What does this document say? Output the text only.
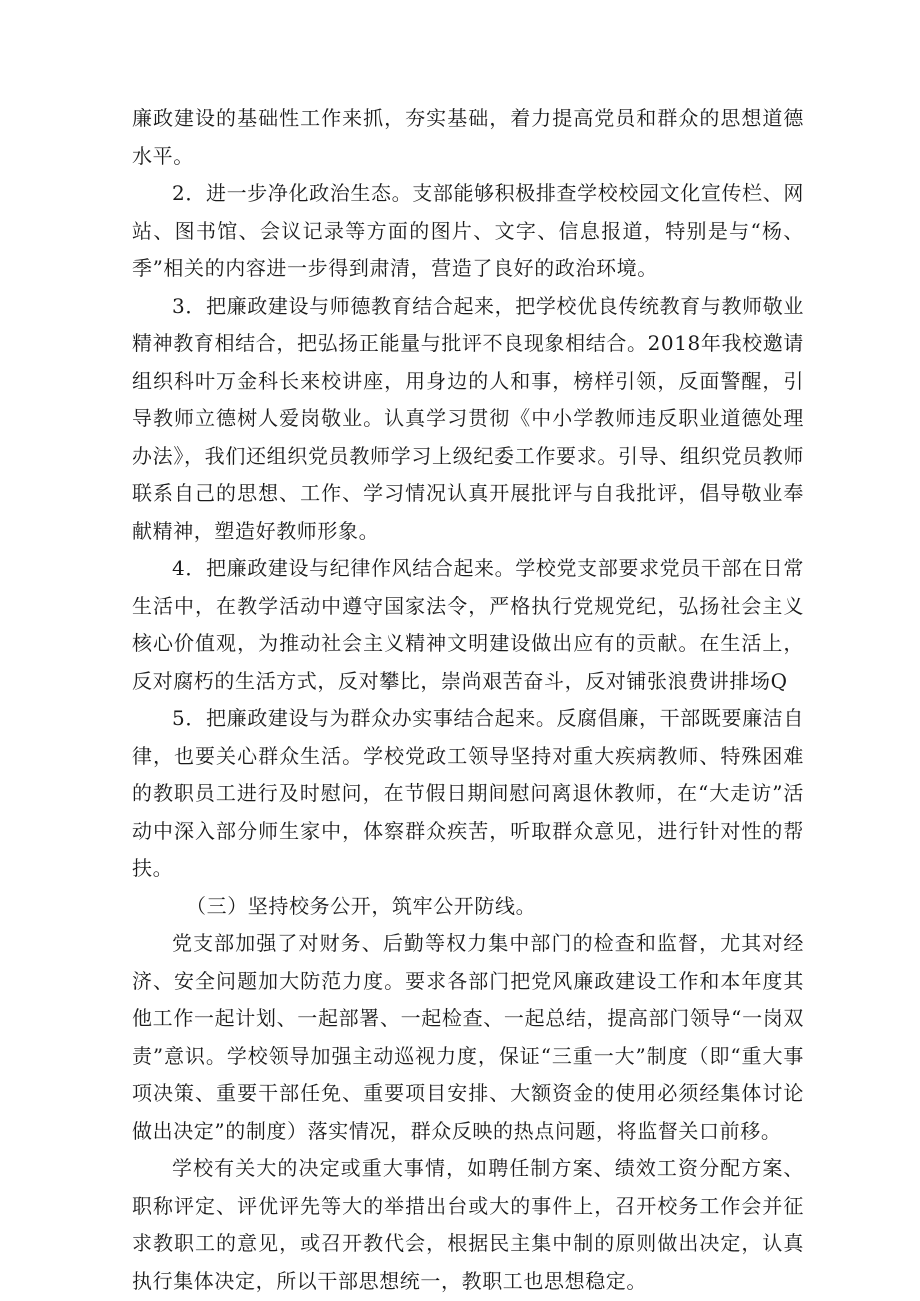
廉政建设的基础性工作来抓，夯实基础，着力提高党员和群众的思想道德水平。

2．进一步净化政治生态。支部能够积极排查学校校园文化宣传栏、网站、图书馆、会议记录等方面的图片、文字、信息报道，特别是与“杨、季”相关的内容进一步得到肃清，营造了良好的政治环境。

3．把廉政建设与师德教育结合起来，把学校优良传统教育与教师敬业精神教育相结合，把弘扬正能量与批评不良现象相结合。2018年我校邀请组织科叶万金科长来校讲座，用身边的人和事，榜样引领，反面警醒，引导教师立德树人爱岗敬业。认真学习贯彻《中小学教师违反职业道德处理办法》，我们还组织党员教师学习上级纪委工作要求。引导、组织党员教师联系自己的思想、工作、学习情况认真开展批评与自我批评，倡导敬业奉献精神，塑造好教师形象。

4．把廉政建设与纪律作风结合起来。学校党支部要求党员干部在日常生活中，在教学活动中遵守国家法令，严格执行党规党纪，弘扬社会主义核心价值观，为推动社会主义精神文明建设做出应有的贡献。在生活上，反对腐朽的生活方式，反对攀比，崇尚艰苦奋斗，反对铺张浪费讲排场Q

5．把廉政建设与为群众办实事结合起来。反腐倡廉，干部既要廉洁自律，也要关心群众生活。学校党政工领导坚持对重大疾病教师、特殊困难的教职员工进行及时慰问，在节假日期间慰问离退休教师，在“大走访”活动中深入部分师生家中，体察群众疾苦，听取群众意见，进行针对性的帮扶。

（三）坚持校务公开，筑牢公开防线。

党支部加强了对财务、后勤等权力集中部门的检查和监督，尤其对经济、安全问题加大防范力度。要求各部门把党风廉政建设工作和本年度其他工作一起计划、一起部署、一起检查、一起总结，提高部门领导“一岗双责”意识。学校领导加强主动巡视力度，保证“三重一大”制度（即“重大事项决策、重要干部任免、重要项目安排、大额资金的使用必须经集体讨论做出决定”的制度）落实情况，群众反映的热点问题，将监督关口前移。

学校有关大的决定或重大事情，如聘任制方案、绩效工资分配方案、职称评定、评优评先等大的举措出台或大的事件上，召开校务工作会并征求教职工的意见，或召开教代会，根据民主集中制的原则做出决定，认真执行集体决定，所以干部思想统一，教职工也思想稳定。
